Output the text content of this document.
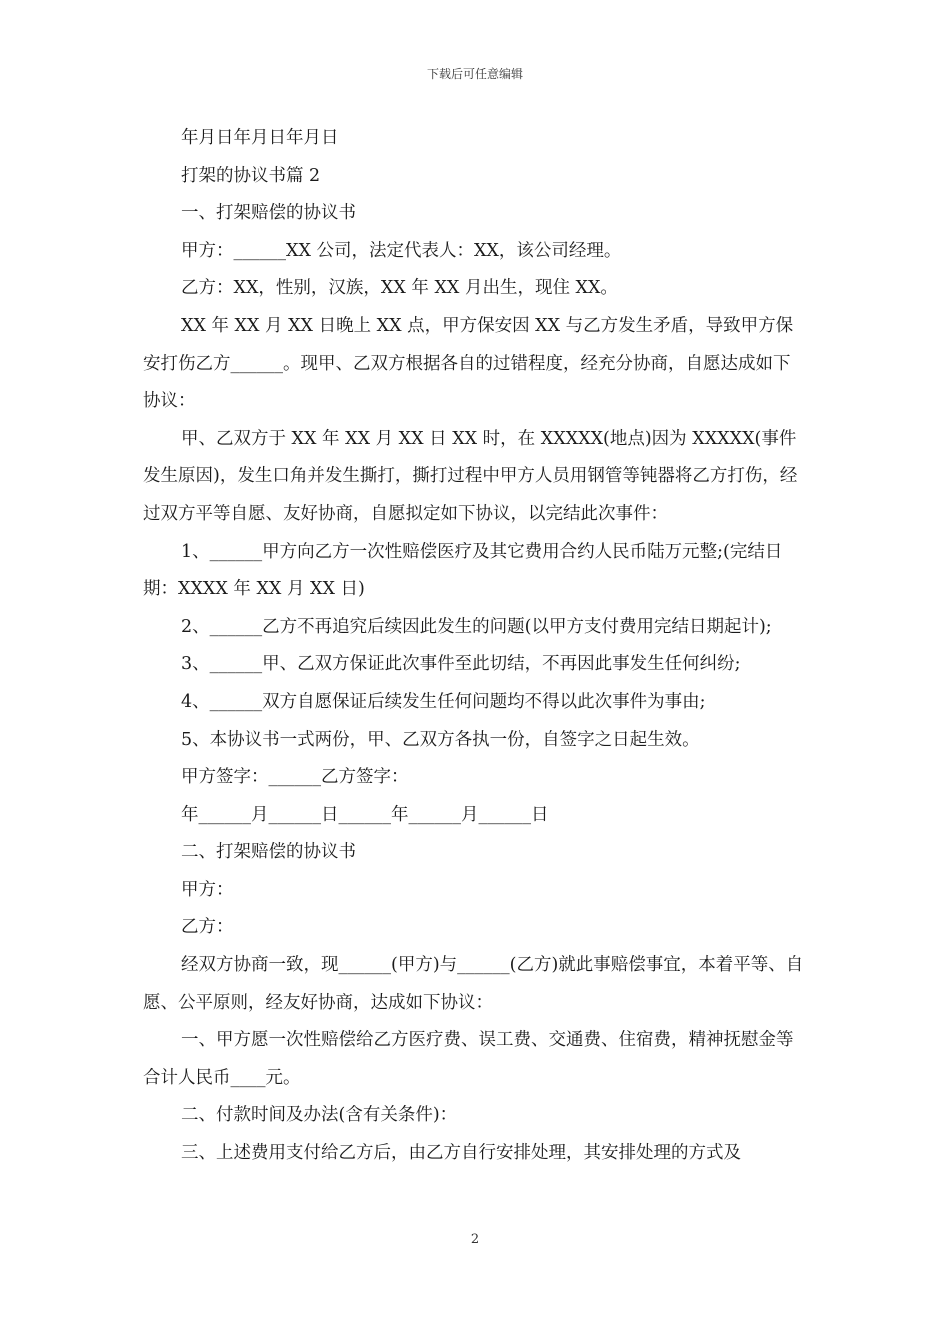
下载后可任意编辑

年月日年月日年月日

打架的协议书篇 2

一、打架赔偿的协议书

甲方：______XX 公司，法定代表人：XX，该公司经理。

乙方：XX，性别，汉族，XX 年 XX 月出生，现住 XX。

XX 年 XX 月 XX 日晚上 XX 点，甲方保安因 XX 与乙方发生矛盾，导致甲方保安打伤乙方______。现甲、乙双方根据各自的过错程度，经充分协商，自愿达成如下协议：

甲、乙双方于 XX 年 XX 月 XX 日 XX 时，在 XXXXX(地点)因为 XXXXX(事件发生原因)，发生口角并发生撕打，撕打过程中甲方人员用钢管等钝器将乙方打伤，经过双方平等自愿、友好协商，自愿拟定如下协议，以完结此次事件：

1、______甲方向乙方一次性赔偿医疗及其它费用合约人民币陆万元整;(完结日期：XXXX 年 XX 月 XX 日)

2、______乙方不再追究后续因此发生的问题(以甲方支付费用完结日期起计);

3、______甲、乙双方保证此次事件至此切结，不再因此事发生任何纠纷;

4、______双方自愿保证后续发生任何问题均不得以此次事件为事由;

5、本协议书一式两份，甲、乙双方各执一份，自签字之日起生效。

甲方签字：______乙方签字：

年______月______日______年______月______日

二、打架赔偿的协议书

甲方：

乙方：

经双方协商一致，现______(甲方)与______(乙方)就此事赔偿事宜，本着平等、自愿、公平原则，经友好协商，达成如下协议：

一、甲方愿一次性赔偿给乙方医疗费、误工费、交通费、住宿费，精神抚慰金等合计人民币____元。

二、付款时间及办法(含有关条件)：

三、上述费用支付给乙方后，由乙方自行安排处理，其安排处理的方式及

2
